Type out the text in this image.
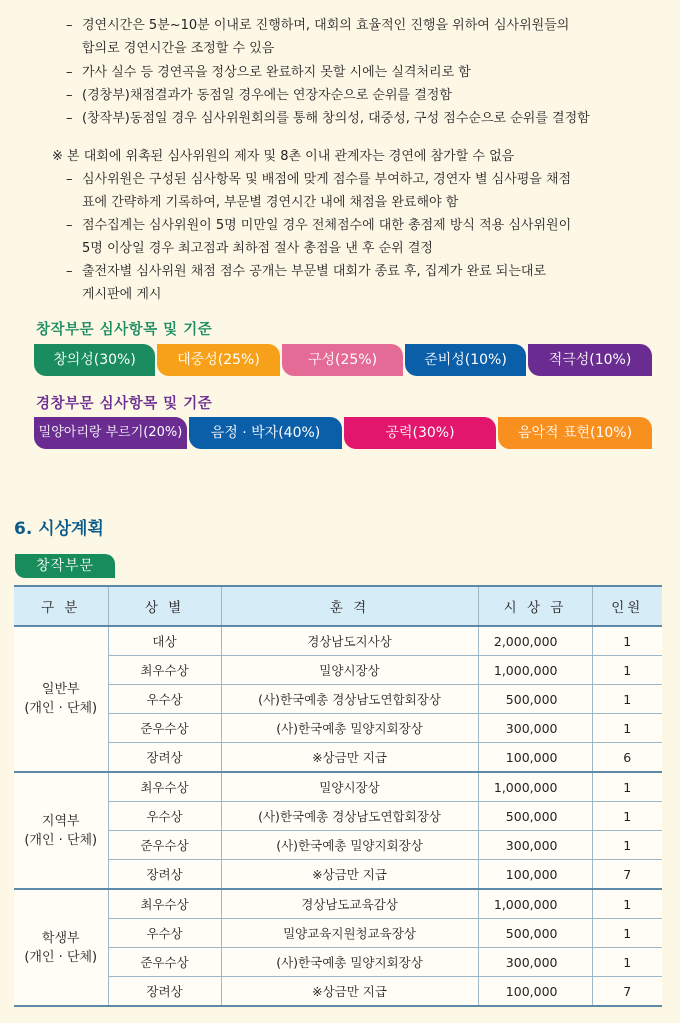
– 경연시간은 5분~10분 이내로 진행하며, 대회의 효율적인 진행을 위하여 심사위원들의
합의로 경연시간을 조정할 수 있음
– 가사 실수 등 경연곡을 정상으로 완료하지 못할 시에는 실격처리로 함
– (경창부)채점결과가 동점일 경우에는 연장자순으로 순위를 결정함
– (창작부)동점일 경우 심사위원회의를 통해 창의성, 대중성, 구성 점수순으로 순위를 결정함
※ 본 대회에 위촉된 심사위원의 제자 및 8촌 이내 관계자는 경연에 참가할 수 없음
– 심사위원은 구성된 심사항목 및 배점에 맞게 점수를 부여하고, 경연자 별 심사평을 채점
표에 간략하게 기록하여, 부문별 경연시간 내에 채점을 완료해야 함
– 점수집계는 심사위원이 5명 미만일 경우 전체점수에 대한 총점제 방식 적용 심사위원이
5명 이상일 경우 최고점과 최하점 절사 총점을 낸 후 순위 결정
– 출전자별 심사위원 채점 점수 공개는 부문별 대회가 종료 후, 집계가 완료 되는대로
게시판에 게시
창작부문 심사항목 및 기준
창의성(30%)	대중성(25%)	구성(25%)	준비성(10%)	적극성(10%)
경창부문 심사항목 및 기준
밀양아리랑 부르기(20%)	음정 · 박자(40%)	공력(30%)	음악적 표현(10%)
6. 시상계획
창작부문
구 분	상 별	훈 격	시 상 금	인원

일반부
(개인 · 단체)	대상	경상남도지사상	2,000,000	1
	최우수상	밀양시장상	1,000,000	1
	우수상	(사)한국예총 경상남도연합회장상	500,000	1
	준우수상	(사)한국예총 밀양지회장상	300,000	1
	장려상	※상금만 지급	100,000	6

지역부
(개인 · 단체)	최우수상	밀양시장상	1,000,000	1
	우수상	(사)한국예총 경상남도연합회장상	500,000	1
	준우수상	(사)한국예총 밀양지회장상	300,000	1
	장려상	※상금만 지급	100,000	7

학생부
(개인 · 단체)	최우수상	경상남도교육감상	1,000,000	1
	우수상	밀양교육지원청교육장상	500,000	1
	준우수상	(사)한국예총 밀양지회장상	300,000	1
	장려상	※상금만 지급	100,000	7
